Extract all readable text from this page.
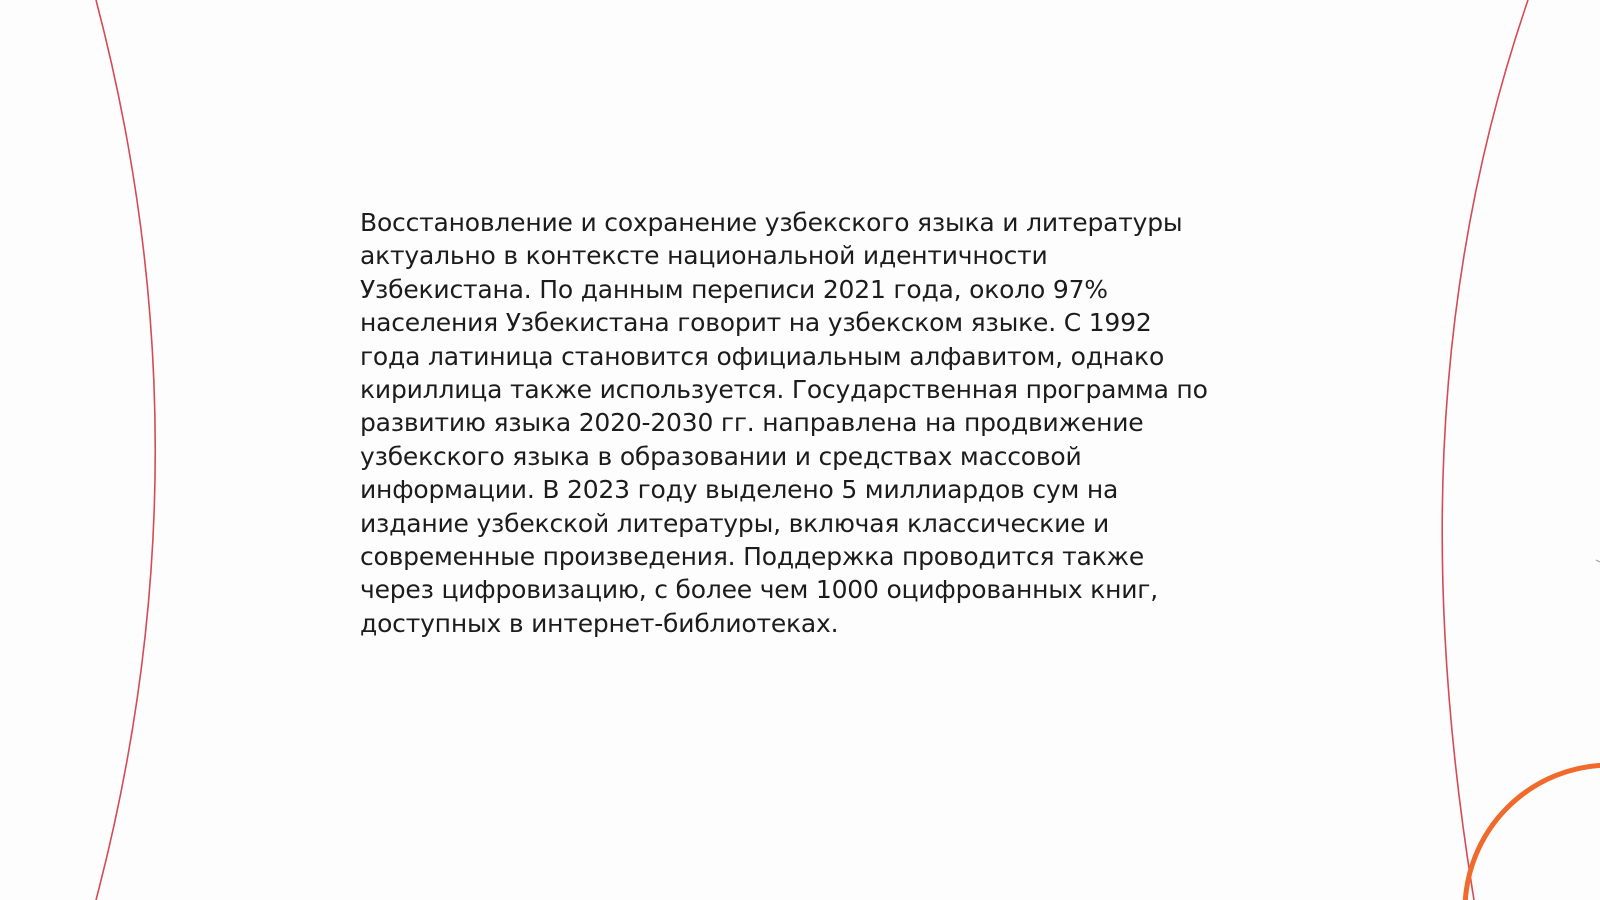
Восстановление и сохранение узбекского языка и литературы
актуально в контексте национальной идентичности
Узбекистана. По данным переписи 2021 года, около 97%
населения Узбекистана говорит на узбекском языке. С 1992
года латиница становится официальным алфавитом, однако
кириллица также используется. Государственная программа по
развитию языка 2020-2030 гг. направлена на продвижение
узбекского языка в образовании и средствах массовой
информации. В 2023 году выделено 5 миллиардов сум на
издание узбекской литературы, включая классические и
современные произведения. Поддержка проводится также
через цифровизацию, с более чем 1000 оцифрованных книг,
доступных в интернет-библиотеках.
